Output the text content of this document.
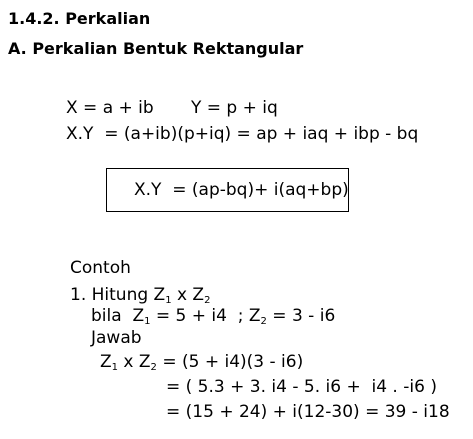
1.4.2. Perkalian
A. Perkalian Bentuk Rektangular
X = a + ib Y = p + iq
X.Y  = (a+ib)(p+iq) = ap + iaq + ibp - bq
X.Y  = (ap-bq)+ i(aq+bp)
Contoh
1. Hitung $Z_1$ x $Z_2$
bila  $Z_1 = 5 + i4$  ; $Z_2 = 3 - i6$
Jawab
$Z_1$ x $Z_2 = (5 + i4)(3 - i6)$
= ( 5.3 + 3. i4 - 5. i6 +  i4 . -i6 )
= (15 + 24) + i(12-30) = 39 - i18
